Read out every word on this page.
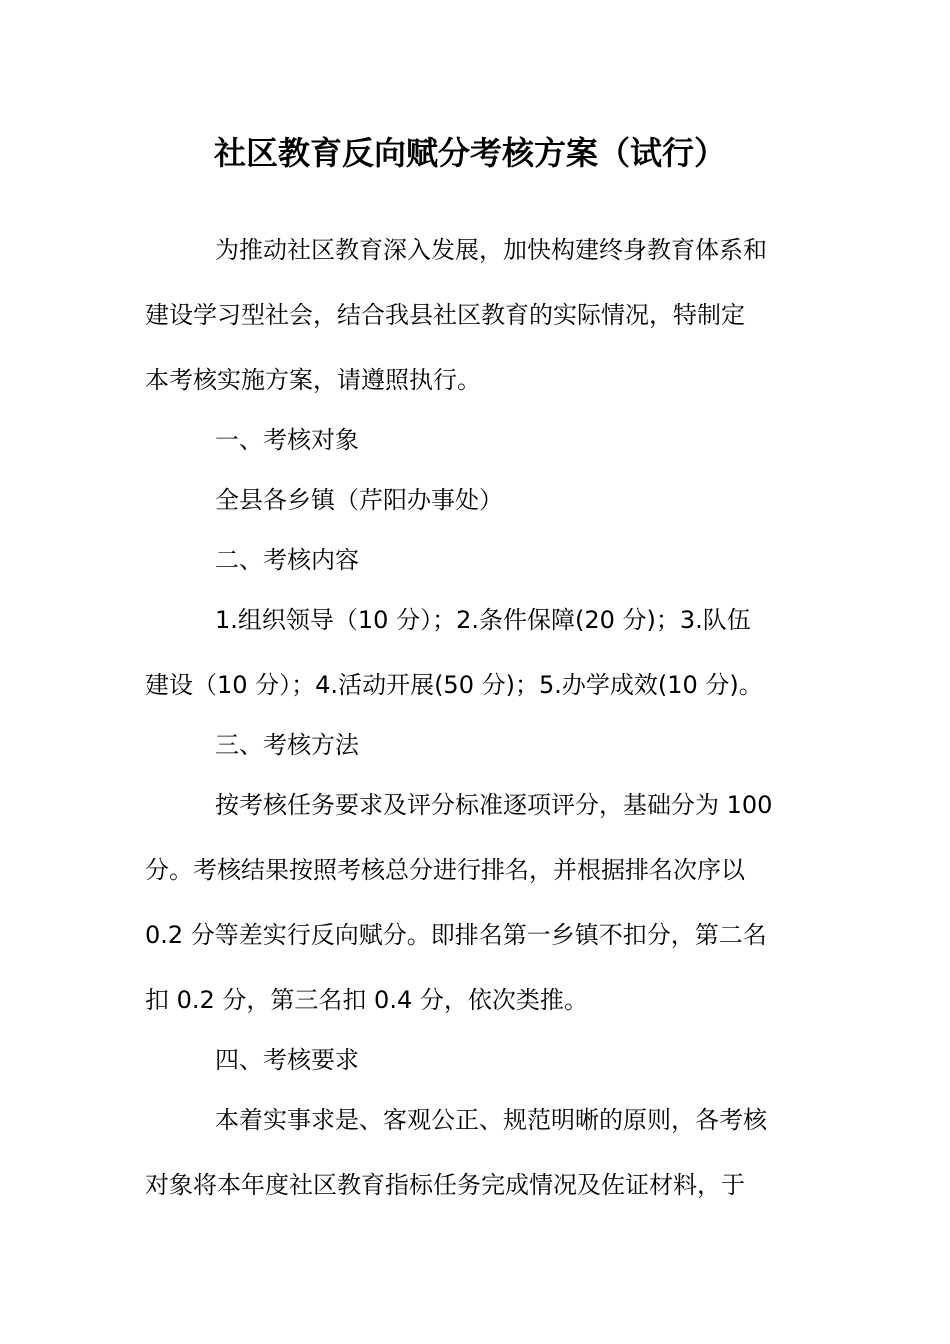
社区教育反向赋分考核方案（试行）

为推动社区教育深入发展，加快构建终身教育体系和

建设学习型社会，结合我县社区教育的实际情况，特制定

本考核实施方案，请遵照执行。

一、考核对象

全县各乡镇（芹阳办事处）

二、考核内容

1.组织领导（10 分）；2.条件保障(20 分)；3.队伍

建设（10 分）；4.活动开展(50 分)；5.办学成效(10 分)。

三、考核方法

按考核任务要求及评分标准逐项评分，基础分为 100

分。考核结果按照考核总分进行排名，并根据排名次序以

0.2 分等差实行反向赋分。即排名第一乡镇不扣分，第二名

扣 0.2 分，第三名扣 0.4 分，依次类推。

四、考核要求

本着实事求是、客观公正、规范明晰的原则，各考核

对象将本年度社区教育指标任务完成情况及佐证材料，于
